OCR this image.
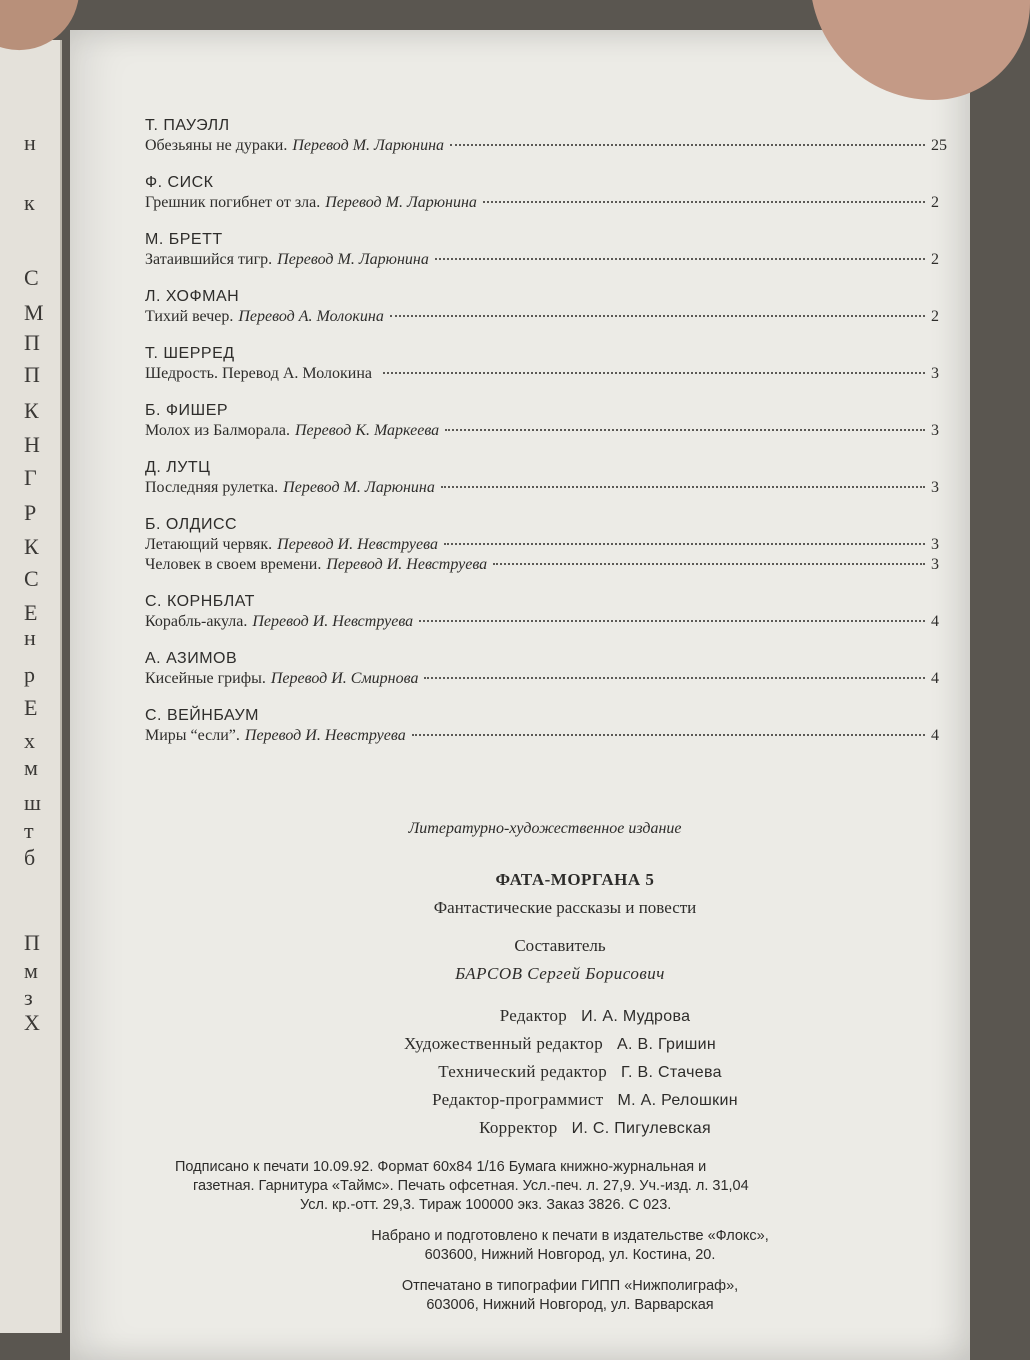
н
к
С
М
П
П
К
Н
Г
Р
К
С
Е
н
р
Е
х
м
ш
т
б
П
м
з
Х
Т. ПАУЭЛЛ
Обезьяны не дураки. Перевод М. Ларюнина	25
Ф. СИСК
Грешник погибнет от зла. Перевод М. Ларюнина	2
М. БРЕТТ
Затаившийся тигр. Перевод М. Ларюнина	2
Л. ХОФМАН
Тихий вечер. Перевод А. Молокина	2
Т. ШЕРРЕД
Шедрость. Перевод А. Молокина	3
Б. ФИШЕР
Молох из Балморала. Перевод К. Маркеева	3
Д. ЛУТЦ
Последняя рулетка. Перевод М. Ларюнина	3
Б. ОЛДИСС
Летающий червяк. Перевод И. Невструева	3
Человек в своем времени. Перевод И. Невструева	3
С. КОРНБЛАТ
Корабль-акула. Перевод И. Невструева	4
А. АЗИМОВ
Кисейные грифы. Перевод И. Смирнова	4
С. ВЕЙНБАУМ
Миры “если”. Перевод И. Невструева	4
Литературно-художественное издание
ФАТА-МОРГАНА 5
Фантастические рассказы и повести
Составитель
БАРСОВ Сергей Борисович
Редактор И. А. Мудрова
Художественный редактор А. В. Гришин
Технический редактор Г. В. Стачева
Редактор-программист М. А. Релошкин
Корректор И. С. Пигулевская

Подписано к печати 10.09.92. Формат 60x84 1/16 Бумага книжно-журнальная и

газетная. Гарнитура «Таймс». Печать офсетная. Усл.-печ. л. 27,9. Уч.-изд. л. 31,04

Усл. кр.-отт. 29,3. Тираж 100000 экз. Заказ 3826. С 023.

Набрано и подготовлено к печати в издательстве «Флокс»,

603600, Нижний Новгород, ул. Костина, 20.

Отпечатано в типографии ГИПП «Нижполиграф»,

603006, Нижний Новгород, ул. Варварская
